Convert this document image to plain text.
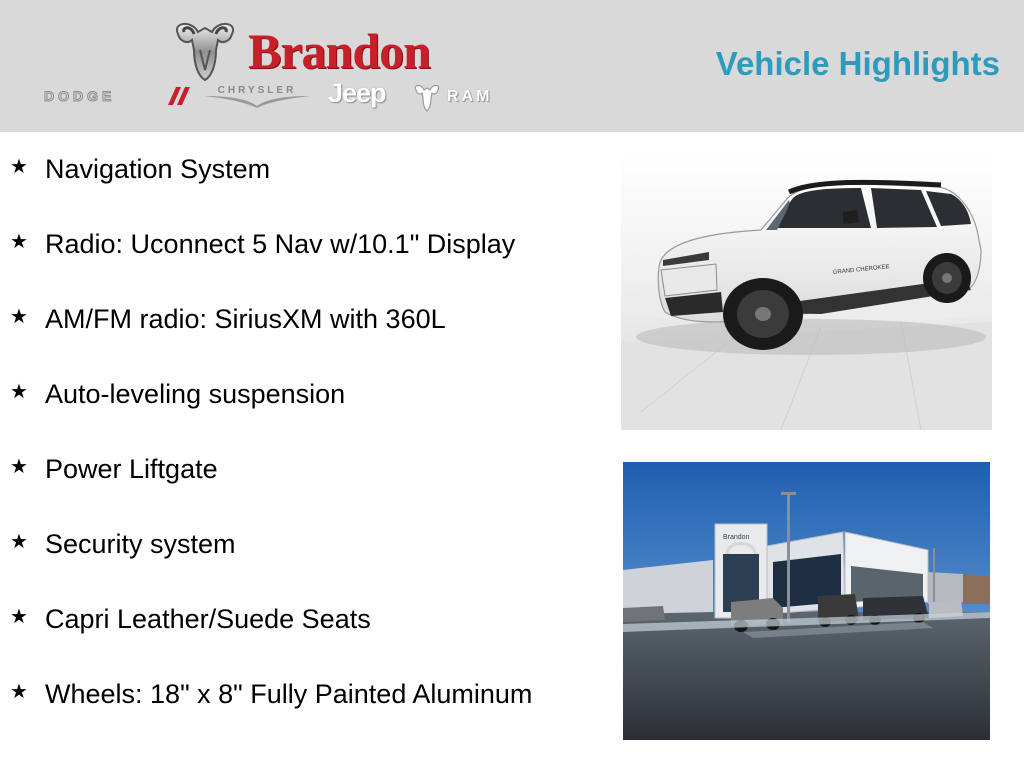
Brandon
DODGE	CHRYSLER	Jeep	RAM
Vehicle Highlights
★ Navigation System
★ Radio: Uconnect 5 Nav w/10.1" Display
★ AM/FM radio: SiriusXM with 360L
★ Auto-leveling suspension
★ Power Liftgate
★ Security system
★ Capri Leather/Suede Seats
★ Wheels: 18" x 8" Fully Painted Aluminum
GRAND CHEROKEE
Brandon
